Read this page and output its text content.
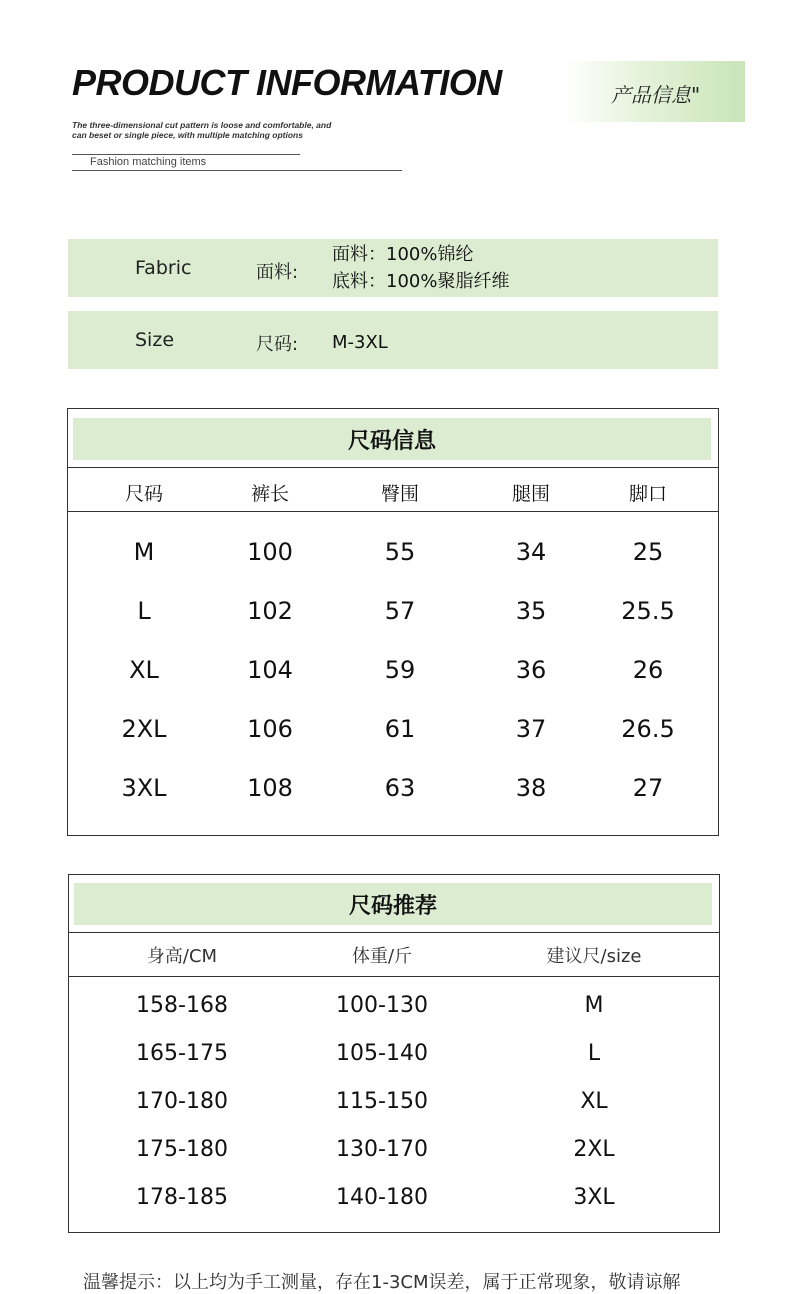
PRODUCT INFORMATION
The three-dimensional cut pattern is loose and comfortable, and
can beset or single piece, with multiple matching options
Fashion matching items
产品信息"
Fabric	面料:
面料：100%锦纶
底料：100%聚脂纤维
Size	尺码: M-3XL
尺码信息
尺码	裤长	臀围	腿围	脚口
M	100	55	34	25
L	102	57	35	25.5
XL	104	59	36	26
2XL	106	61	37	26.5
3XL	108	63	38	27
尺码推荐
身高/CM	体重/斤	建议尺/size
158-168	100-130	M
165-175	105-140	L
170-180	115-150	XL
175-180	130-170	2XL
178-185	140-180	3XL
温馨提示：以上均为手工测量，存在1-3CM误差，属于正常现象，敬请谅解
